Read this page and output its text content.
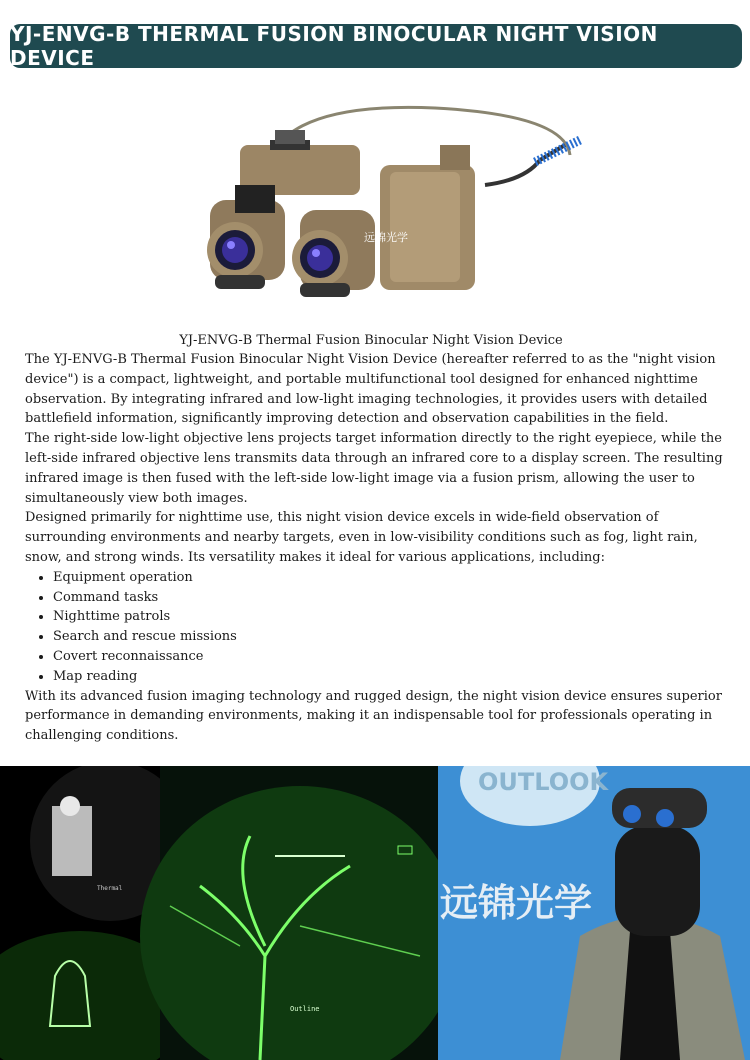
YJ-ENVG-B THERMAL FUSION BINOCULAR NIGHT VISION DEVICE
远锦光学
YJ-ENVG-B Thermal Fusion Binocular Night Vision Device

The YJ-ENVG-B Thermal Fusion Binocular Night Vision Device (hereafter referred to as the "night vision device") is a compact, lightweight, and portable multifunctional tool designed for enhanced nighttime observation. By integrating infrared and low-light imaging technologies, it provides users with detailed battlefield information, significantly improving detection and observation capabilities in the field.

The right-side low-light objective lens projects target information directly to the right eyepiece, while the left-side infrared objective lens transmits data through an infrared core to a display screen. The resulting infrared image is then fused with the left-side low-light image via a fusion prism, allowing the user to simultaneously view both images.

Designed primarily for nighttime use, this night vision device excels in wide-field observation of surrounding environments and nearby targets, even in low-visibility conditions such as fog, light rain, snow, and strong winds. Its versatility makes it ideal for various applications, including:

• Equipment operation
• Command tasks
• Nighttime patrols
• Search and rescue missions
• Covert reconnaissance
• Map reading

With its advanced fusion imaging technology and rugged design, the night vision device ensures superior performance in demanding environments, making it an indispensable tool for professionals operating in challenging conditions.

Thermal
Outline
OUTLOOK
远锦光学
